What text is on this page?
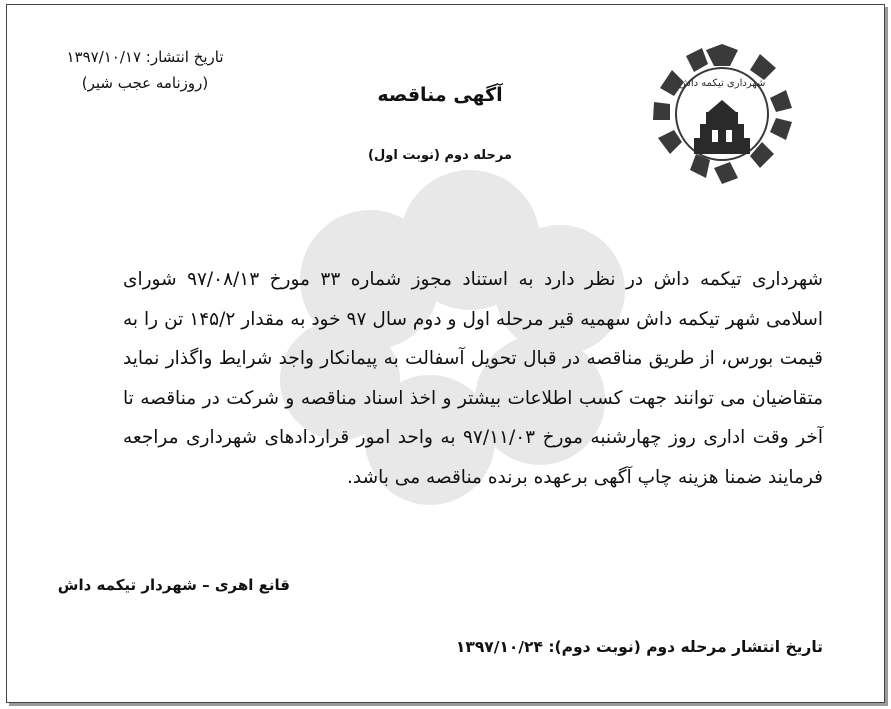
تاریخ انتشار: ۱۳۹۷/۱۰/۱۷
(روزنامه عجب شیر)
آگهی مناقصه
مرحله دوم (نوبت اول)
شهرداری تیکمه داش
شهرداری تیکمه داش در نظر دارد به استناد مجوز شماره ۳۳ مورخ ۹۷/۰۸/۱۳ شورای اسلامی شهر تیکمه داش سهمیه قیر مرحله اول و دوم سال ۹۷ خود به مقدار ۱۴۵/۲ تن را به قیمت بورس، از طریق مناقصه در قبال تحویل آسفالت به پیمانکار واجد شرایط واگذار نماید متقاضیان می توانند جهت کسب اطلاعات بیشتر و اخذ اسناد مناقصه و شرکت در مناقصه تا آخر وقت اداری روز چهارشنبه مورخ ۹۷/۱۱/۰۳ به واحد امور قراردادهای شهرداری مراجعه فرمایند ضمنا هزینه چاپ آگهی برعهده برنده مناقصه می باشد.
قانع اهری – شهردار تیکمه داش
تاریخ انتشار مرحله دوم (نوبت دوم): ۱۳۹۷/۱۰/۲۴
